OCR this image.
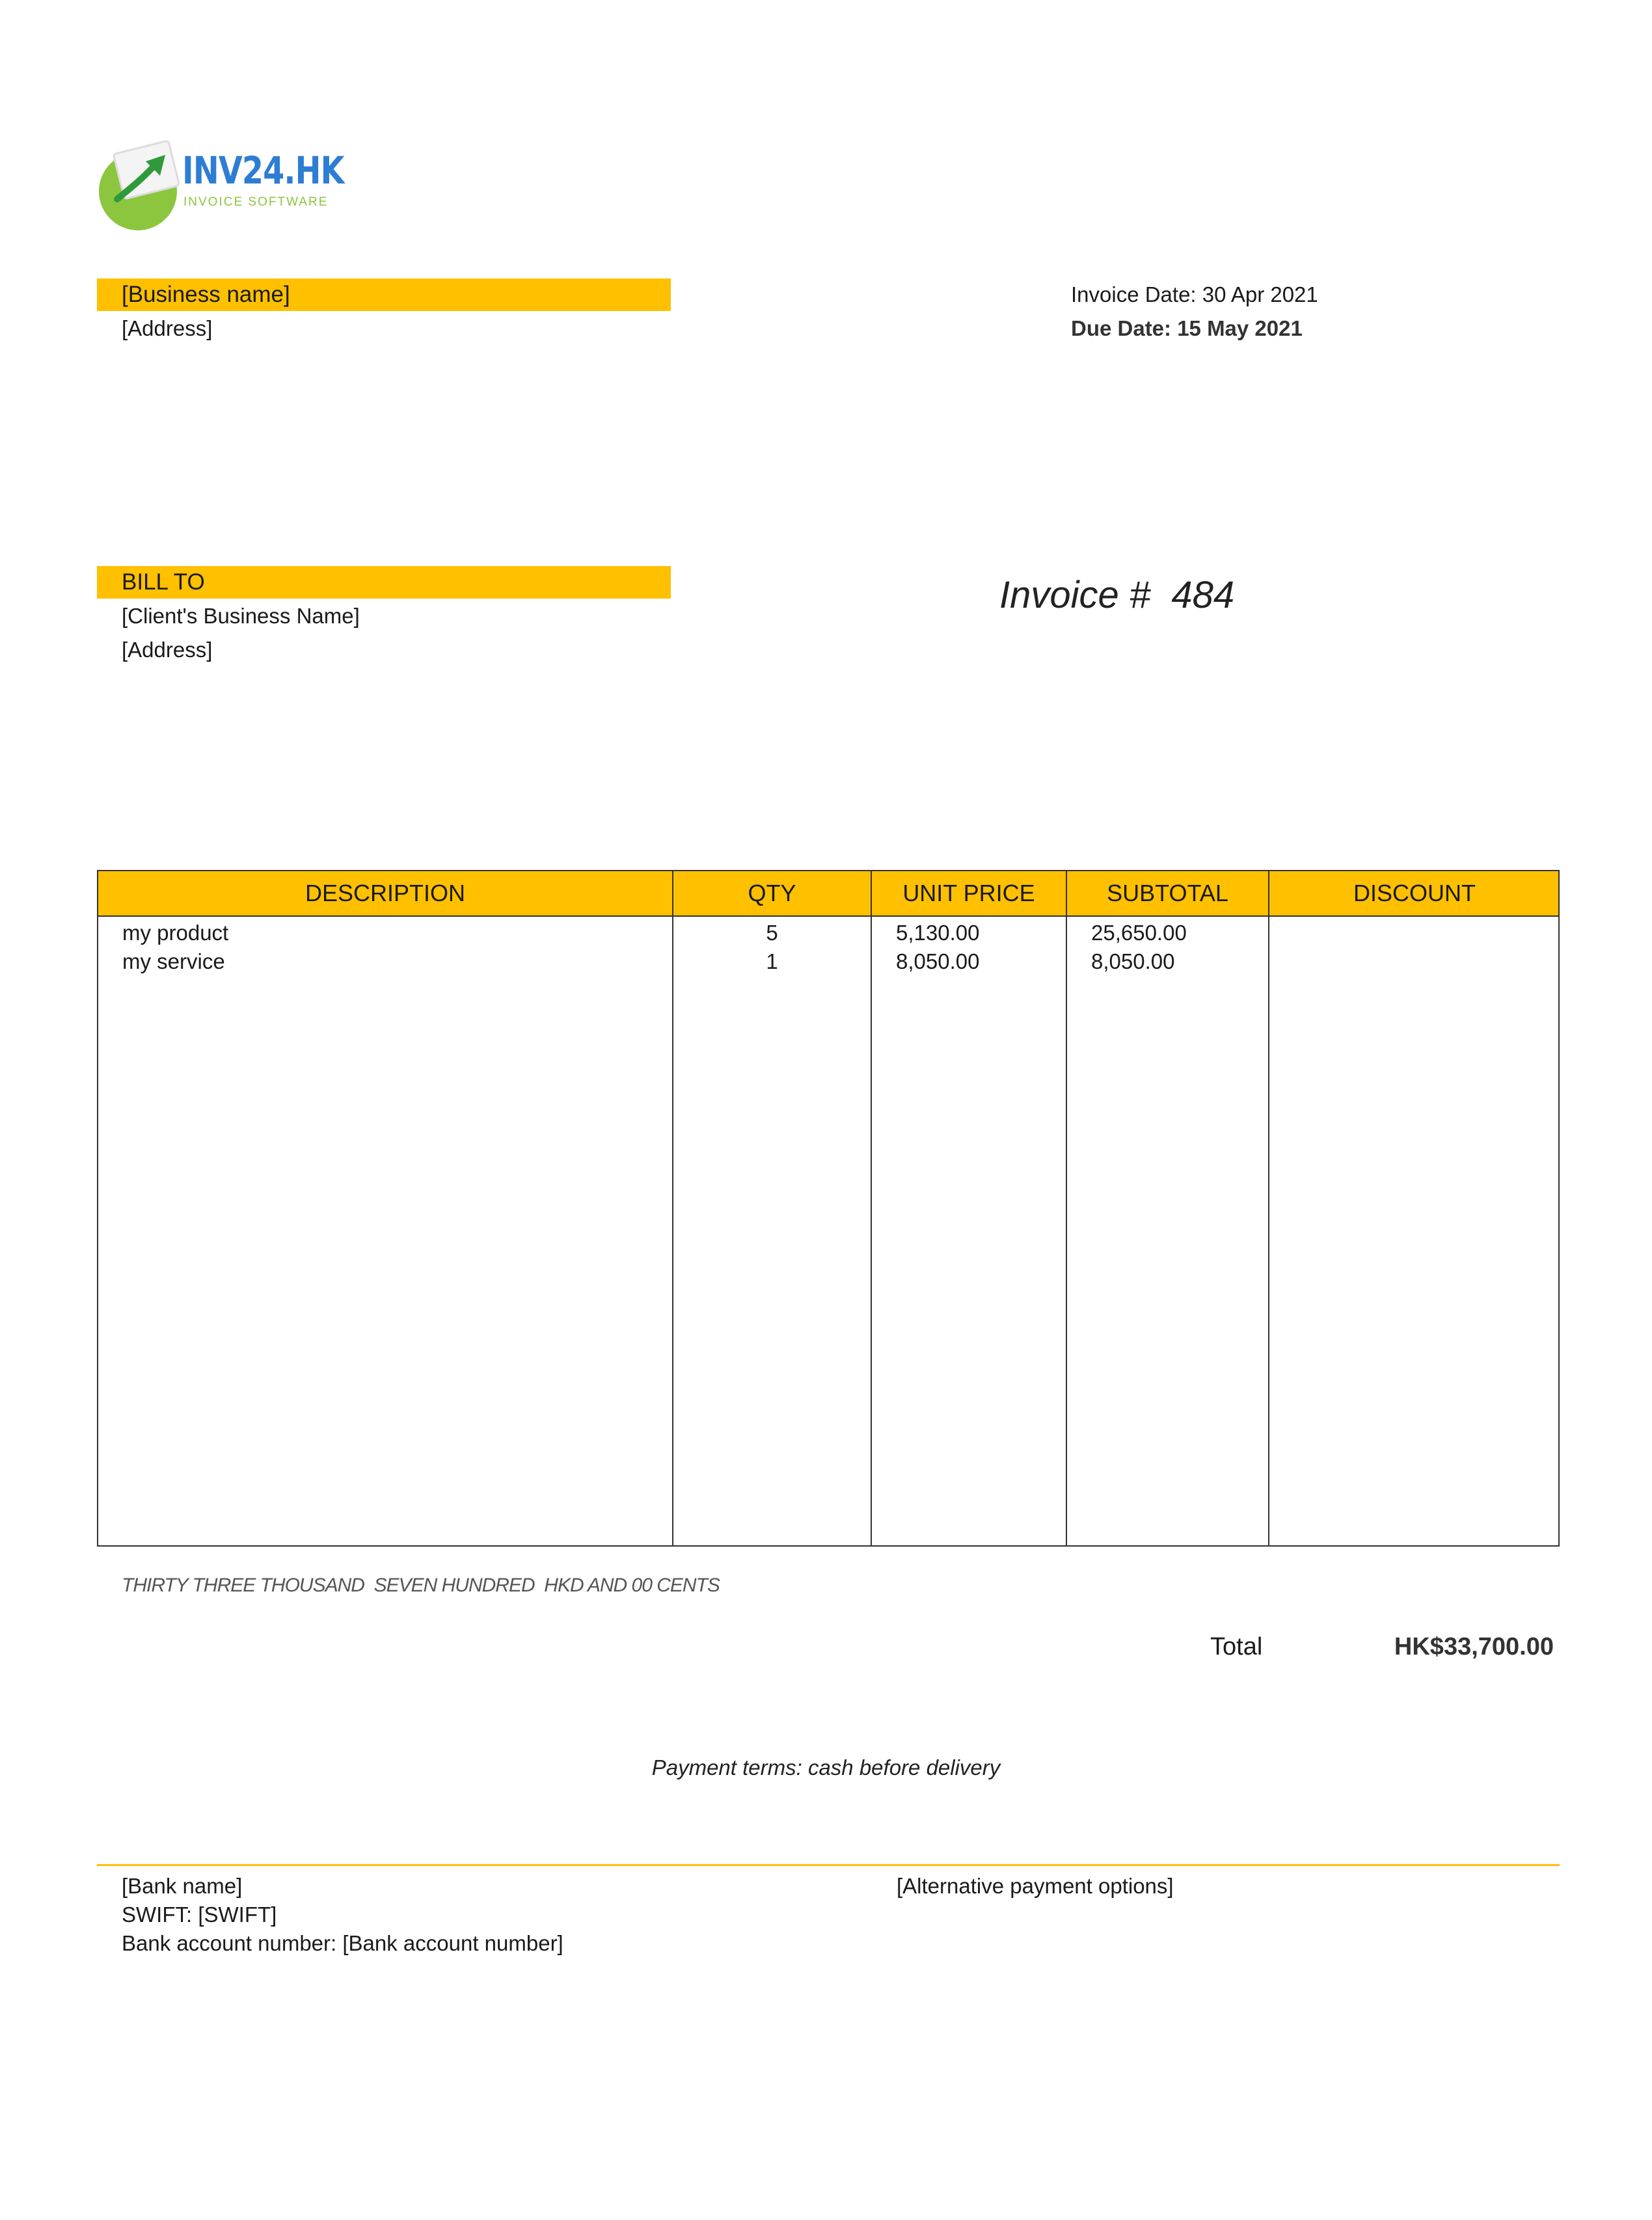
INV24.HK
INVOICE SOFTWARE
[Business name]
[Address]
Invoice Date: 30 Apr 2021
Due Date: 15 May 2021
BILL TO
[Client's Business Name]
[Address]
Invoice #  484
DESCRIPTION	QTY	UNIT PRICE	SUBTOTAL	DISCOUNT
my product	5	5,130.00	25,650.00
my service	1	8,050.00	8,050.00
THIRTY THREE THOUSAND  SEVEN HUNDRED  HKD AND 00 CENTS
Total	HK$33,700.00
Payment terms: cash before delivery
[Bank name]
SWIFT: [SWIFT]
Bank account number: [Bank account number]
[Alternative payment options]
